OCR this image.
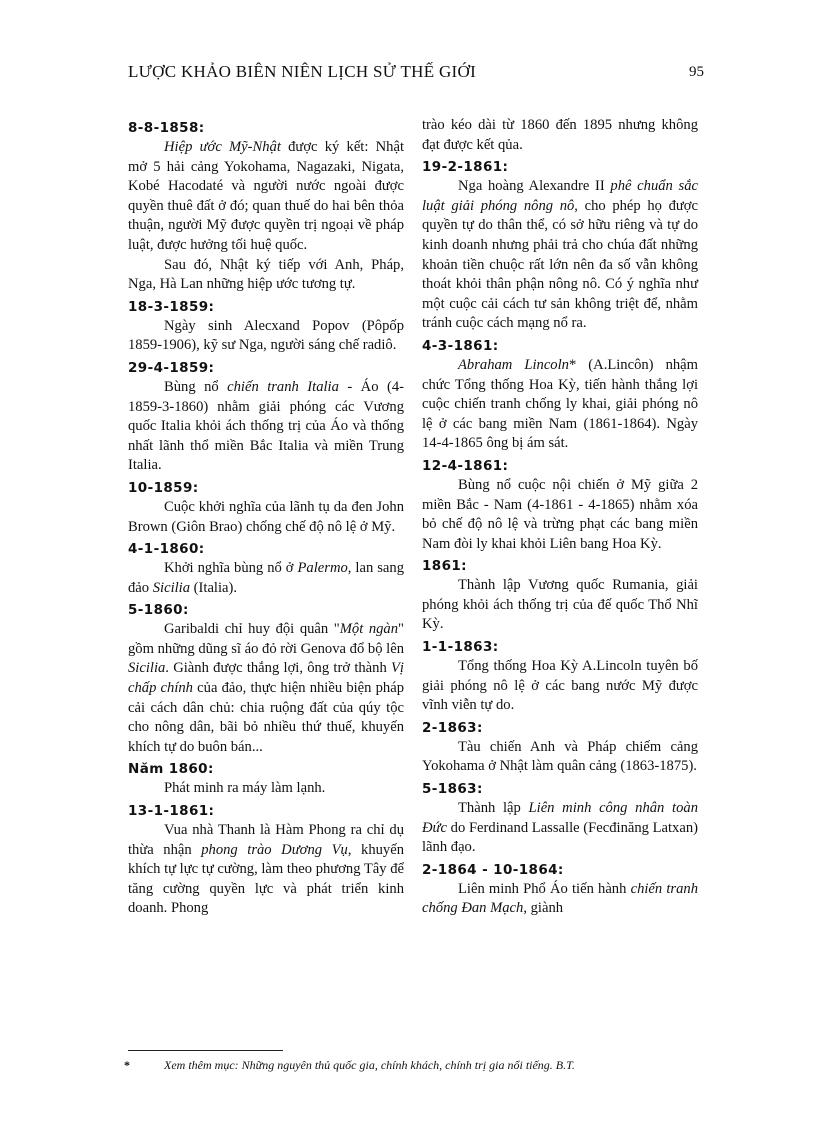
LƯỢC KHẢO BIÊN NIÊN LỊCH SỬ THẾ GIỚI	95
8-8-1858:

Hiệp ước Mỹ-Nhật được ký kết: Nhật mở 5 hải cảng Yokohama, Nagazaki, Nigata, Kobé Hacodaté và người nước ngoài được quyền thuê đất ở đó; quan thuế do hai bên thỏa thuận, người Mỹ được quyền trị ngoại về pháp luật, được hưởng tối huệ quốc.

Sau đó, Nhật ký tiếp với Anh, Pháp, Nga, Hà Lan những hiệp ước tương tự.

18-3-1859:

Ngày sinh Alecxand Popov (Pôpốp 1859-1906), kỹ sư Nga, người sáng chế radiô.

29-4-1859:

Bùng nổ chiến tranh Italia - Áo (4-1859-3-1860) nhằm giải phóng các Vương quốc Italia khỏi ách thống trị của Áo và thống nhất lãnh thổ miền Bắc Italia và miền Trung Italia.

10-1859:

Cuộc khởi nghĩa của lãnh tụ da đen John Brown (Giôn Brao) chống chế độ nô lệ ở Mỹ.

4-1-1860:

Khởi nghĩa bùng nổ ở Palermo, lan sang đảo Sicilia (Italia).

5-1860:

Garibaldi chỉ huy đội quân "Một ngàn" gồm những dũng sĩ áo đỏ rời Genova đổ bộ lên Sicilia. Giành được thắng lợi, ông trở thành Vị chấp chính của đảo, thực hiện nhiều biện pháp cải cách dân chủ: chia ruộng đất của qúy tộc cho nông dân, bãi bỏ nhiều thứ thuế, khuyến khích tự do buôn bán...

Năm 1860:

Phát minh ra máy làm lạnh.

13-1-1861:

Vua nhà Thanh là Hàm Phong ra chỉ dụ thừa nhận phong trào Dương Vụ, khuyến khích tự lực tự cường, làm theo phương Tây để tăng cường quyền lực và phát triển kinh doanh. Phong

trào kéo dài từ 1860 đến 1895 nhưng không đạt được kết qủa.

19-2-1861:

Nga hoàng Alexandre II phê chuẩn sắc luật giải phóng nông nô, cho phép họ được quyền tự do thân thể, có sở hữu riêng và tự do kinh doanh nhưng phải trả cho chúa đất những khoản tiền chuộc rất lớn nên đa số vẫn không thoát khỏi thân phận nông nô. Có ý nghĩa như một cuộc cải cách tư sản không triệt để, nhằm tránh cuộc cách mạng nổ ra.

4-3-1861:

Abraham Lincoln* (A.Lincôn) nhậm chức Tổng thống Hoa Kỳ, tiến hành thắng lợi cuộc chiến tranh chống ly khai, giải phóng nô lệ ở các bang miền Nam (1861-1864). Ngày 14-4-1865 ông bị ám sát.

12-4-1861:

Bùng nổ cuộc nội chiến ở Mỹ giữa 2 miền Bắc - Nam (4-1861 - 4-1865) nhằm xóa bỏ chế độ nô lệ và trừng phạt các bang miền Nam đòi ly khai khỏi Liên bang Hoa Kỳ.

1861:

Thành lập Vương quốc Rumania, giải phóng khỏi ách thống trị của đế quốc Thổ Nhĩ Kỳ.

1-1-1863:

Tổng thống Hoa Kỳ A.Lincoln tuyên bố giải phóng nô lệ ở các bang nước Mỹ được vĩnh viễn tự do.

2-1863:

Tàu chiến Anh và Pháp chiếm cảng Yokohama ở Nhật làm quân cảng (1863-1875).

5-1863:

Thành lập Liên minh công nhân toàn Đức do Ferdinand Lassalle (Fecđinăng Latxan) lãnh đạo.

2-1864 - 10-1864:

Liên minh Phổ Áo tiến hành chiến tranh chống Đan Mạch, giành

*	Xem thêm mục: Những nguyên thủ quốc gia, chính khách, chính trị gia nổi tiếng. B.T.
